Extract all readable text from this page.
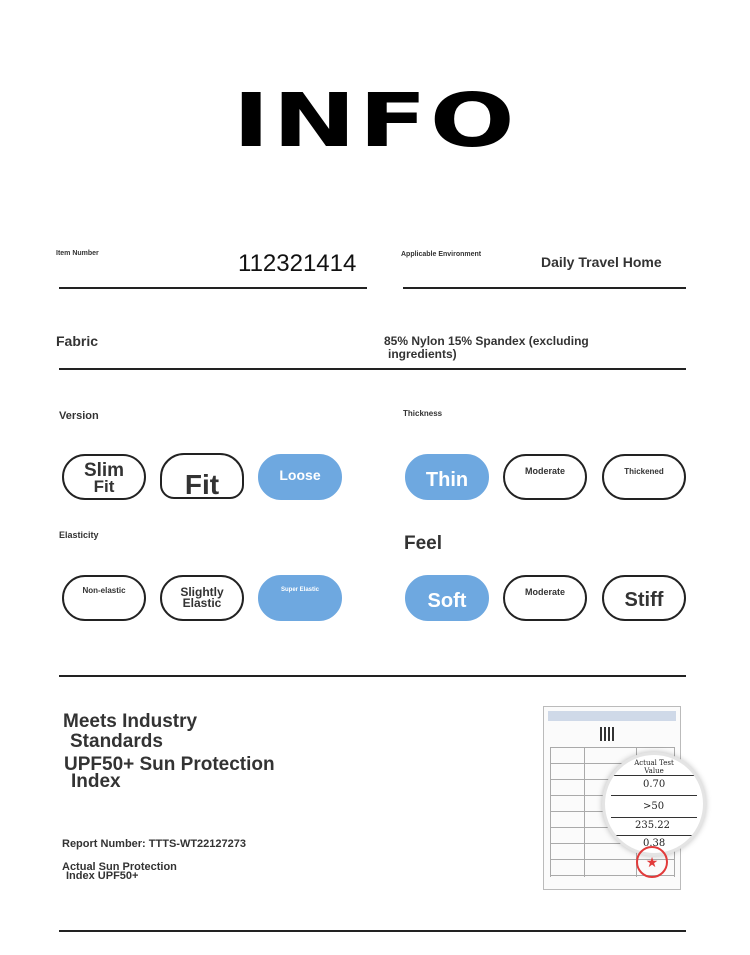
INFO
Item Number	112321414	Applicable Environment	Daily Travel Home
Fabric	85% Nylon 15% Spandex (excluding
ingredients)
Version
Slim
Fit	Fit	Loose
Thickness
Thin	Moderate	Thickened
Elasticity
Non-elastic	Slightly
Elastic
Super Elastic
Feel
Soft	Moderate	Stiff
Meets Industry
Standards
UPF50+ Sun Protection
Index
Report Number: TTTS-WT22127273
Actual Sun Protection
Index UPF50+
Actual Test
Value
0.70
>50
235.22
0.38
★
